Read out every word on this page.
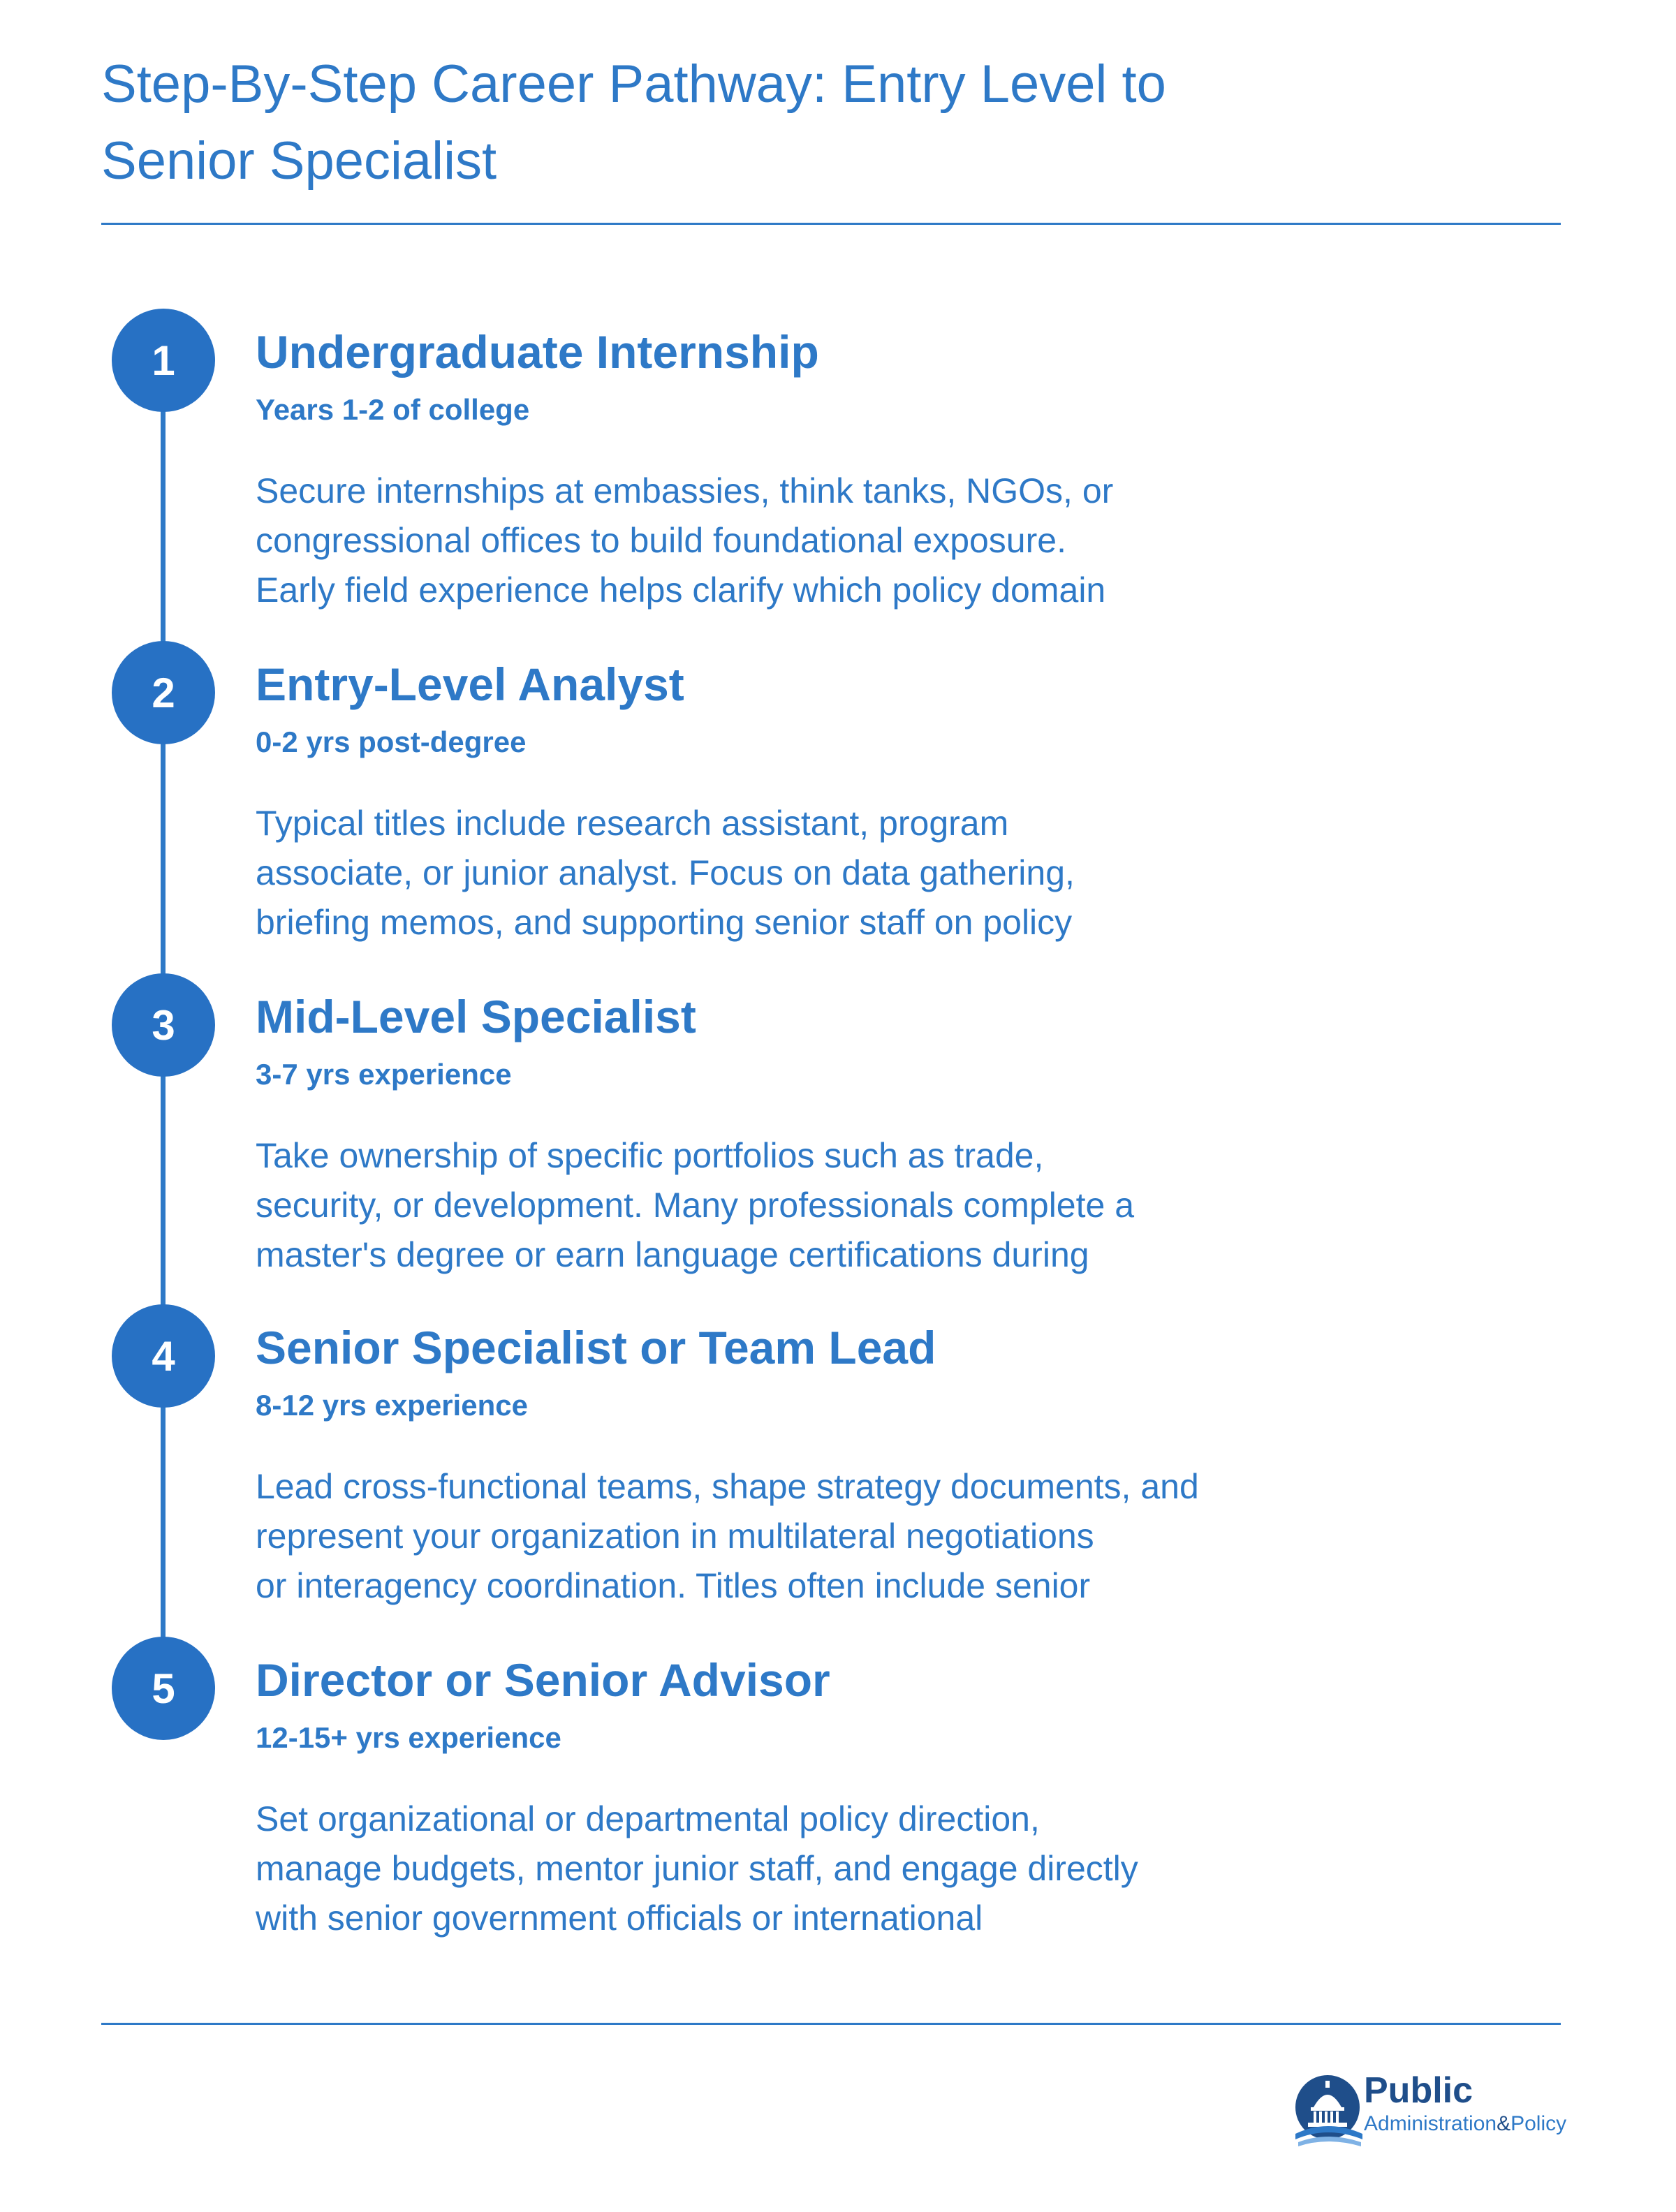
Step-By-Step Career Pathway: Entry Level to
Senior Specialist
1	Undergraduate Internship
Years 1-2 of college

Secure internships at embassies, think tanks, NGOs, or
congressional offices to build foundational exposure.
Early field experience helps clarify which policy domain

2	Entry-Level Analyst
0-2 yrs post-degree

Typical titles include research assistant, program
associate, or junior analyst. Focus on data gathering,
briefing memos, and supporting senior staff on policy

3	Mid-Level Specialist
3-7 yrs experience

Take ownership of specific portfolios such as trade,
security, or development. Many professionals complete a
master's degree or earn language certifications during

4	Senior Specialist or Team Lead
8-12 yrs experience

Lead cross-functional teams, shape strategy documents, and
represent your organization in multilateral negotiations
or interagency coordination. Titles often include senior

5	Director or Senior Advisor
12-15+ yrs experience

Set organizational or departmental policy direction,
manage budgets, mentor junior staff, and engage directly
with senior government officials or international

Public
Administration&Policy
